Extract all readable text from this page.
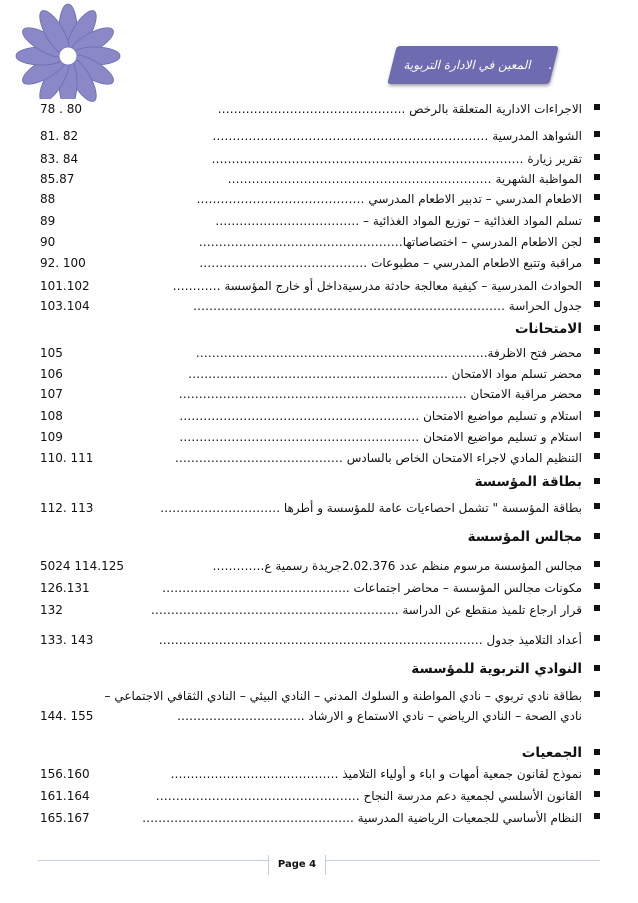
المعين في الادارة التربوية	.
الاجراءات الادارية المتعلقة بالرخص ..………………………………………
78 . 80
الشواهد المدرسية ……………………………………………………………
81. 82
تقرير زيارة ……………………………………………………………………
83. 84
المواظبة الشهرية …………………………………………………………
85.87
الاطعام المدرسي – تدبير الاطعام المدرسي ……………………………………
88
تسلم المواد الغذائية – توزيع المواد الغذائية – ………………………………
89
لجن الاطعام المدرسي – اختصاصاتها……………………………………………
90
مراقبة وتتبع الاطعام المدرسي – مطبوعات ……………………………………
92. 100
الحوادث المدرسية – كيفية معالجة حادثة مدرسيةداخل أو خارج المؤسسة …………
101.102
جدول الحراسة ……………………………………………………………………
103.104
الامتحانات
محضر فتح الاظرفة.………………………………………………………………
105
محضر تسلم مواد الامتحان ..………………………………………………………
106
محضر مراقبة الامتحان ………………………………………………………………
107
استلام و تسليم مواضيع الامتحان ……………………………………………………
108
استلام و تسليم مواضيع الامتحان ……………………………………………………
109
التنظيم المادي لاجراء الامتحان الخاص بالسادس ……………………………………
110. 111
بطاقة المؤسسة
بطاقة المؤسسة " تشمل احصاءيات عامة للمؤسسة و أطرها …………………………
112. 113
مجالس المؤسسة
مجالس المؤسسة مرسوم منظم عدد 2.02.376جريدة رسمية ع.…………
5024 114.125
مكونات مجالس المؤسسة – محاضر اجتماعات ..………………………………………
126.131
قرار ارجاع تلميذ منقطع عن الدراسة ..……………………………………………………
132
أعداد التلاميذ جدول ………………………………………………………………………
133. 143
النوادي التربوية للمؤسسة
بطاقة نادي تربوي – نادي المواطنة و السلوك المدني – النادي البيئي – النادي الثقافي الاجتماعي –
نادي الصحة – النادي الرياضي – نادي الاستماع و الارشاد ..…………………………
144. 155
الجمعيات
نموذج لقانون جمعية أمهات و اباء و أولياء التلاميذ ……………………………………
156.160
القانون الأسلسي لجمعية دعم مدرسة النجاح ……………………………………………
161.164
النظام الأساسي للجمعيات الرياضية المدرسية ..……………………………………………
165.167
Page 4
